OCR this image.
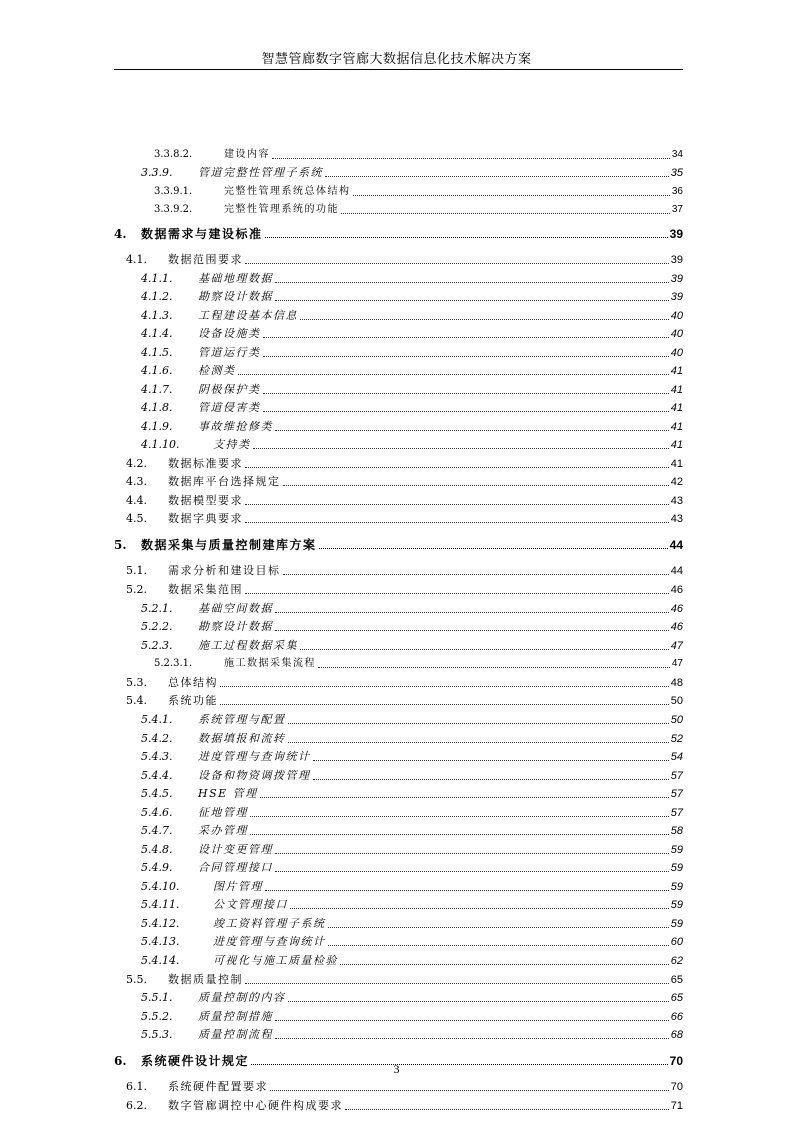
智慧管廊数字管廊大数据信息化技术解决方案
3.3.8.2.	建设内容	34
3.3.9.	管道完整性管理子系统	35
3.3.9.1.	完整性管理系统总体结构	36
3.3.9.2.	完整性管理系统的功能	37
4.	数据需求与建设标准	39
4.1.	数据范围要求	39
4.1.1.	基础地理数据	39
4.1.2.	勘察设计数据	39
4.1.3.	工程建设基本信息	40
4.1.4.	设备设施类	40
4.1.5.	管道运行类	40
4.1.6.	检测类	41
4.1.7.	阴极保护类	41
4.1.8.	管道侵害类	41
4.1.9.	事故维抢修类	41
4.1.10.	支持类	41
4.2.	数据标准要求	41
4.3.	数据库平台选择规定	42
4.4.	数据模型要求	43
4.5.	数据字典要求	43
5.	数据采集与质量控制建库方案	44
5.1.	需求分析和建设目标	44
5.2.	数据采集范围	46
5.2.1.	基础空间数据	46
5.2.2.	勘察设计数据	46
5.2.3.	施工过程数据采集	47
5.2.3.1.	施工数据采集流程	47
5.3.	总体结构	48
5.4.	系统功能	50
5.4.1.	系统管理与配置	50
5.4.2.	数据填报和流转	52
5.4.3.	进度管理与查询统计	54
5.4.4.	设备和物资调拨管理	57
5.4.5.	HSE 管理	57
5.4.6.	征地管理	57
5.4.7.	采办管理	58
5.4.8.	设计变更管理	59
5.4.9.	合同管理接口	59
5.4.10.	图片管理	59
5.4.11.	公文管理接口	59
5.4.12.	竣工资料管理子系统	59
5.4.13.	进度管理与查询统计	60
5.4.14.	可视化与施工质量检验	62
5.5.	数据质量控制	65
5.5.1.	质量控制的内容	65
5.5.2.	质量控制措施	66
5.5.3.	质量控制流程	68
6.	系统硬件设计规定	70
6.1.	系统硬件配置要求	70
6.2.	数字管廊调控中心硬件构成要求	71
3
